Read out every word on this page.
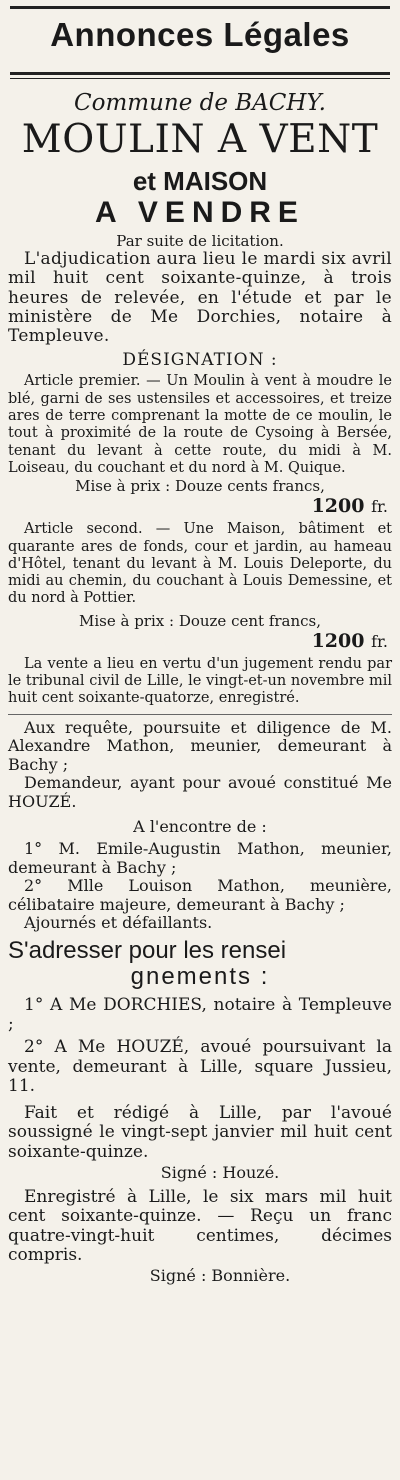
Annonces Légales
Commune de BACHY.
MOULIN A VENT
et MAISON
A VENDRE
Par suite de licitation.

L'adjudication aura lieu le mardi six avril mil huit cent soixante-quinze, à trois heures de relevée, en l'étude et par le ministère de Me Dorchies, notaire à Templeuve.

DÉSIGNATION :

Article premier. — Un Moulin à vent à moudre le blé, garni de ses ustensiles et accessoires, et treize ares de terre comprenant la motte de ce moulin, le tout à proximité de la route de Cysoing à Bersée, tenant du levant à cette route, du midi à M. Loiseau, du couchant et du nord à M. Quique.

Mise à prix : Douze cents francs,
1200 fr.

Article second. — Une Maison, bâtiment et quarante ares de fonds, cour et jardin, au hameau d'Hôtel, tenant du levant à M. Louis Deleporte, du midi au chemin, du couchant à Louis Demessine, et du nord à Pottier.

Mise à prix : Douze cent francs,
1200 fr.

La vente a lieu en vertu d'un jugement rendu par le tribunal civil de Lille, le vingt-et-un novembre mil huit cent soixante-quatorze, enregistré.

Aux requête, poursuite et diligence de M. Alexandre Mathon, meunier, demeurant à Bachy ;

Demandeur, ayant pour avoué constitué Me HOUZÉ.

A l'encontre de :

1° M. Emile-Augustin Mathon, meunier, demeurant à Bachy ;

2° Mlle Louison Mathon, meunière, célibataire majeure, demeurant à Bachy ;

Ajournés et défaillants.

S'adresser pour les rensei
gnements :

1° A Me DORCHIES, notaire à Templeuve ;

2° A Me HOUZÉ, avoué poursuivant la vente, demeurant à Lille, square Jussieu, 11.

Fait et rédigé à Lille, par l'avoué soussigné le vingt-sept janvier mil huit cent soixante-quinze.

Signé : Houzé.

Enregistré à Lille, le six mars mil huit cent soixante-quinze. — Reçu un franc quatre-vingt-huit centimes, décimes compris.

Signé : Bonnière.
